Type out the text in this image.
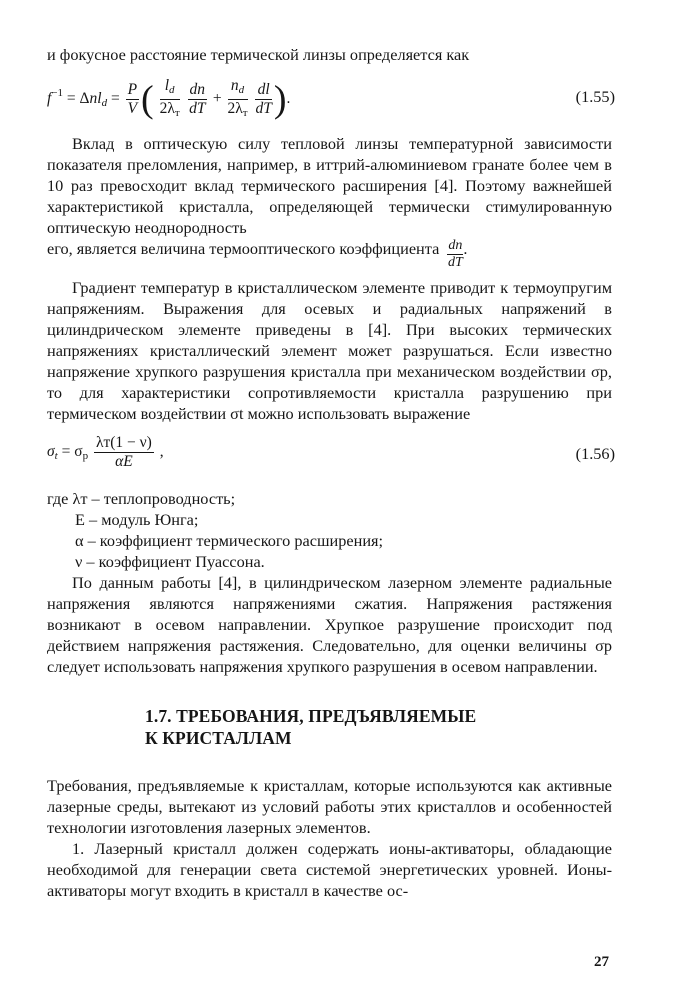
и фокусное расстояние термической линзы определяется как

$f^{-1} = \Delta nl_d = \frac{P}{V}$ ( $\frac{l_d}{2\lambda_т}$
$\frac{dn}{dT} + \frac{n_d}{2\lambda_т}$
$\frac{dl}{dT}$ ).	(1.55)

Вклад в оптическую силу тепловой линзы температурной зависимости показателя преломления, например, в иттрий-алюминиевом гранате более чем в 10 раз превосходит вклад термического расширения [4]. Поэтому важнейшей характеристикой кристалла, определяющей термически стимулированную оптическую неоднородность

его, является величина термооптического коэффициента $\frac{dn}{dT}$ .

Градиент температур в кристаллическом элементе приводит к термоупругим напряжениям. Выражения для осевых и радиальных напряжений в цилиндрическом элементе приведены в [4]. При высоких термических напряжениях кристаллический элемент может разрушаться. Если известно напряжение хрупкого разрушения кристалла при механическом воздействии σр, то для характеристики сопротивляемости кристалла разрушению при термическом воздействии σt можно использовать выражение

$\sigma_t = \sigma_р \frac{\lambda т(1 - \nu)}{\alpha E}$ ,	(1.56)
где λт – теплопроводность;
E – модуль Юнга;
α – коэффициент термического расширения;
ν – коэффициент Пуассона.

По данным работы [4], в цилиндрическом лазерном элементе радиальные напряжения являются напряжениями сжатия. Напряжения растяжения возникают в осевом направлении. Хрупкое разрушение происходит под действием напряжения растяжения. Следовательно, для оценки величины σр следует использовать напряжения хрупкого разрушения в осевом направлении.

1.7. ТРЕБОВАНИЯ, ПРЕДЪЯВЛЯЕМЫЕ
К КРИСТАЛЛАМ

Требования, предъявляемые к кристаллам, которые используются как активные лазерные среды, вытекают из условий работы этих кристаллов и особенностей технологии изготовления лазерных элементов.

1. Лазерный кристалл должен содержать ионы-активаторы, обладающие необходимой для генерации света системой энергетических уровней. Ионы-активаторы могут входить в кристалл в качестве ос-

27
